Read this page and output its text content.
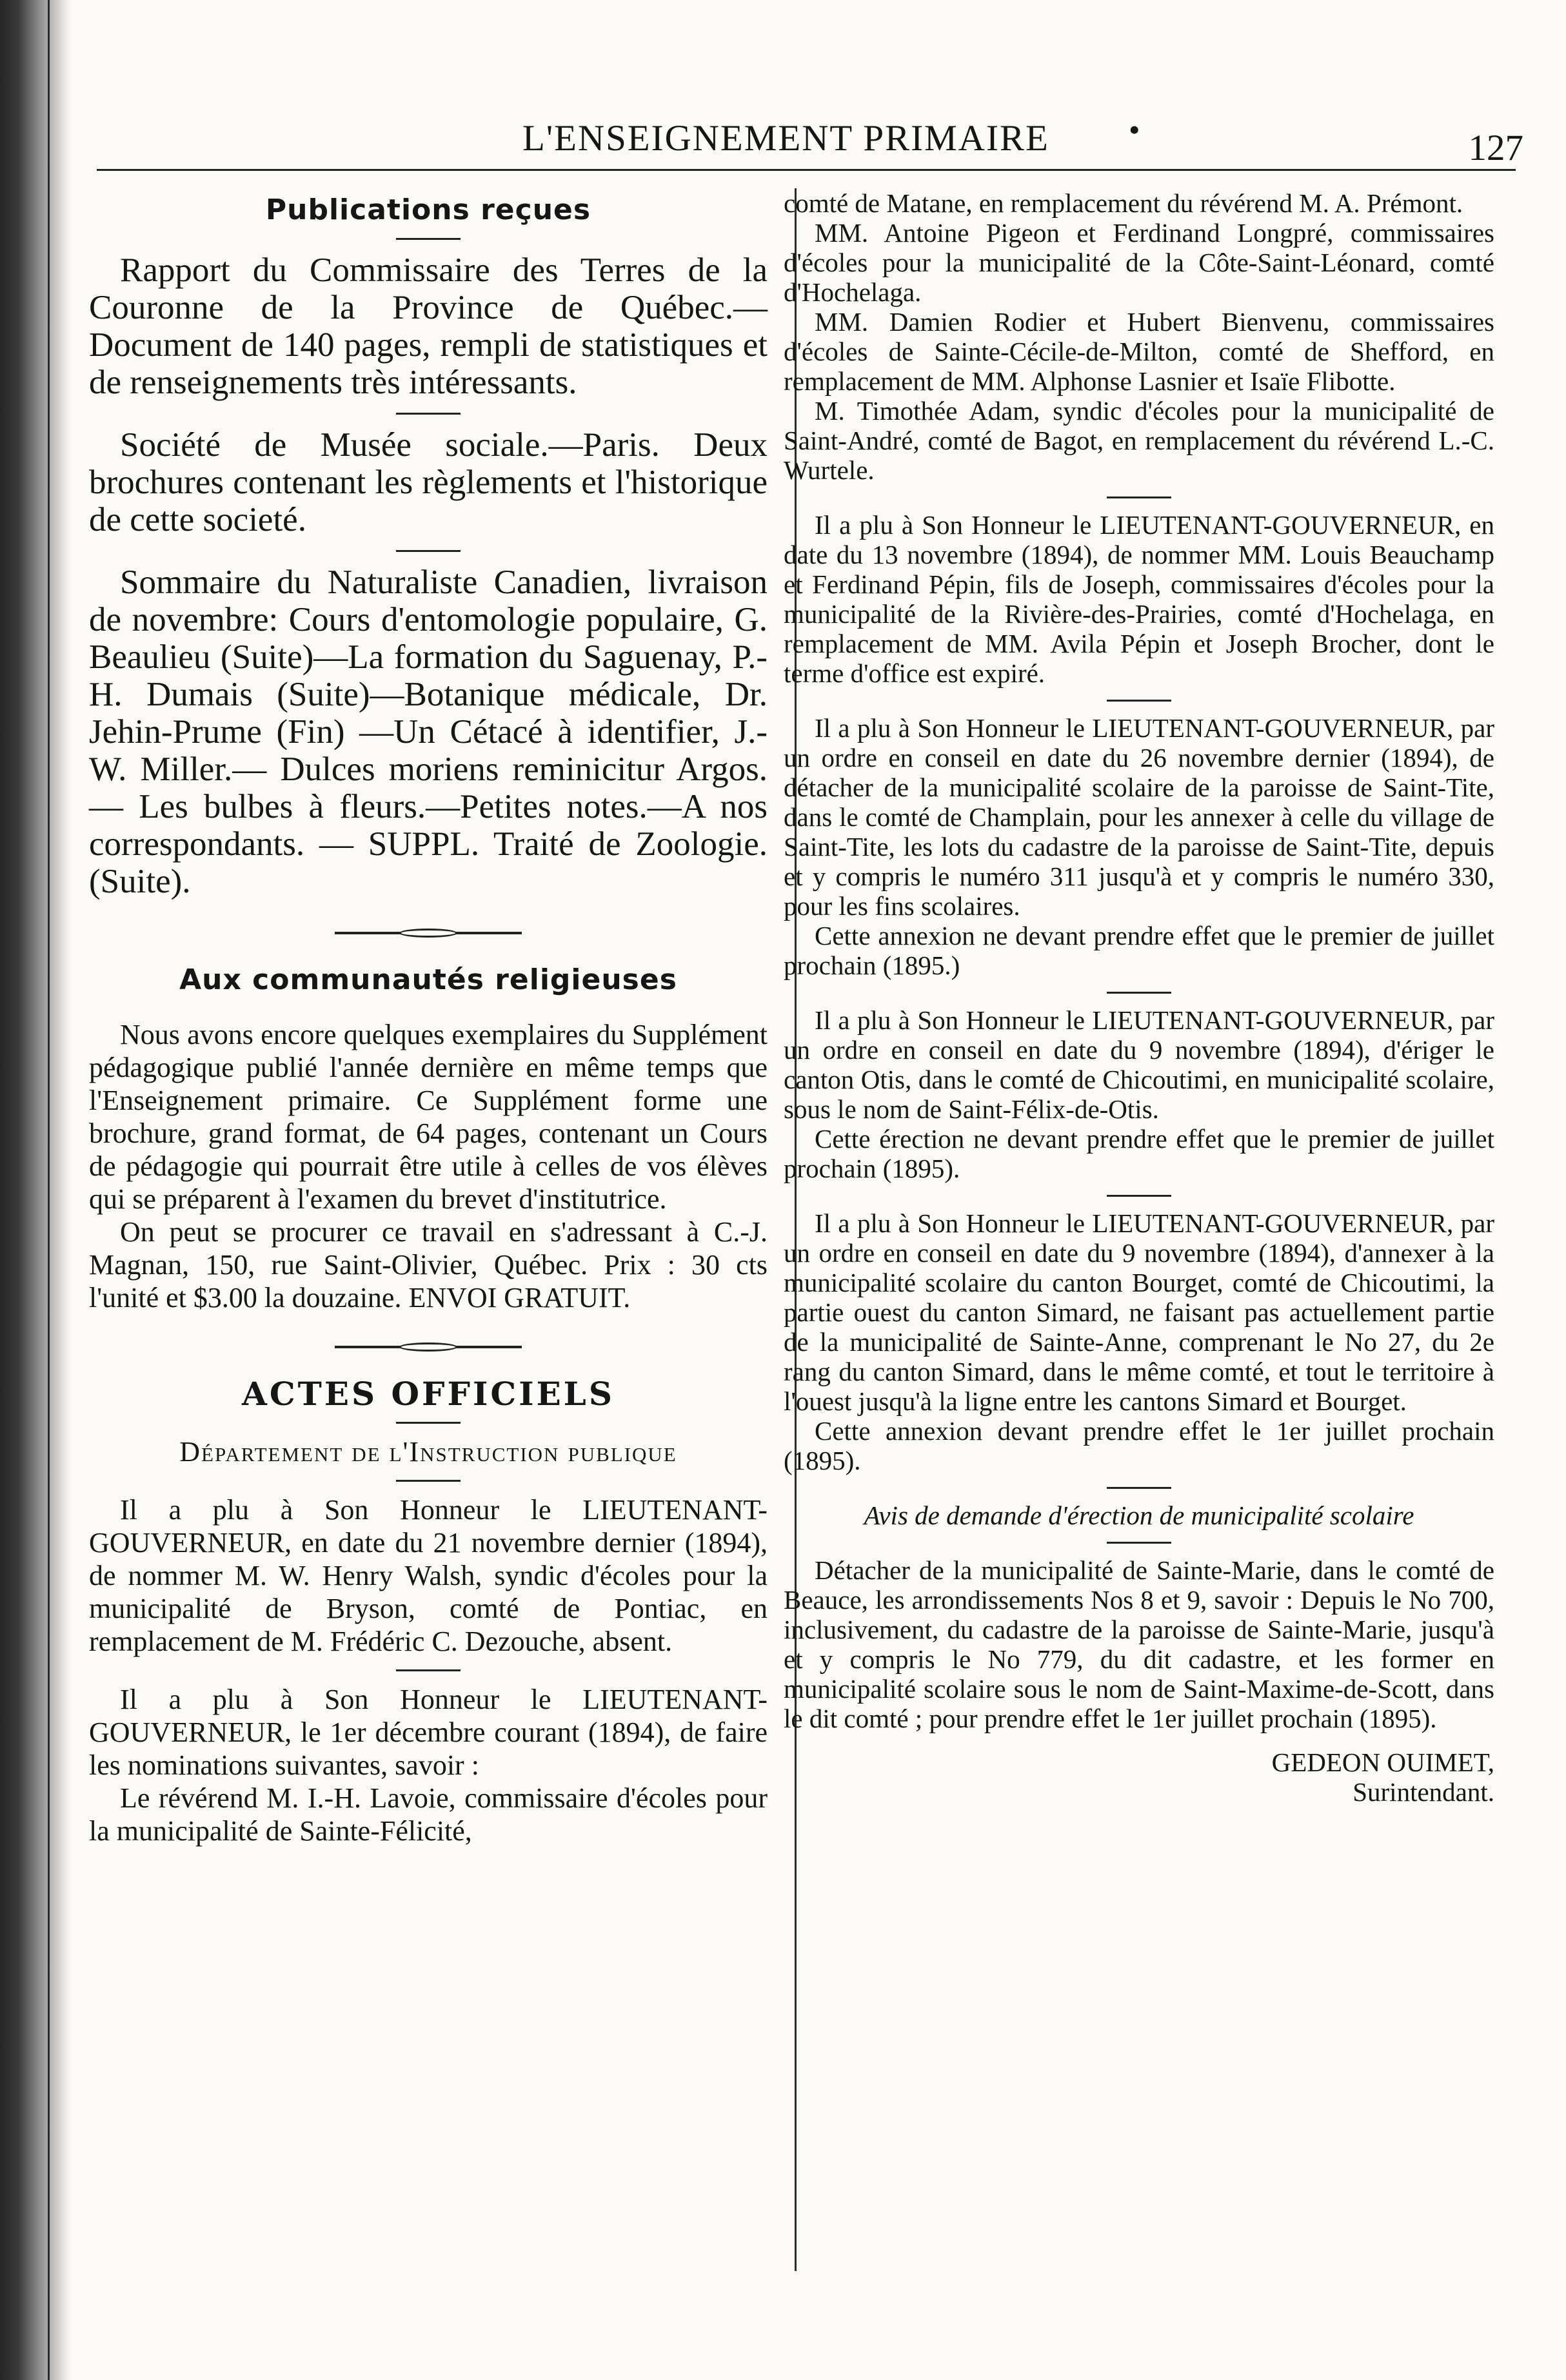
L'ENSEIGNEMENT PRIMAIRE •	127

Publications reçues

Rapport du Commissaire des Terres de la Couronne de la Province de Québec.— Document de 140 pages, rempli de statistiques et de renseignements très intéressants.

Société de Musée sociale.—Paris. Deux brochures contenant les règlements et l'historique de cette societé.

Sommaire du Naturaliste Canadien, livraison de novembre: Cours d'entomologie populaire, G. Beaulieu (Suite)—La formation du Saguenay, P.-H. Dumais (Suite)—Botanique médicale, Dr. Jehin-Prume (Fin) —Un Cétacé à identifier, J.-W. Miller.— Dulces moriens reminicitur Argos. — Les bulbes à fleurs.—Petites notes.—A nos correspondants. — SUPPL. Traité de Zoologie. (Suite).

Aux communautés religieuses

Nous avons encore quelques exemplaires du Supplément pédagogique publié l'année dernière en même temps que l'Enseignement primaire. Ce Supplément forme une brochure, grand format, de 64 pages, contenant un Cours de pédagogie qui pourrait être utile à celles de vos élèves qui se préparent à l'examen du brevet d'institutrice.

On peut se procurer ce travail en s'adressant à C.-J. Magnan, 150, rue Saint-Olivier, Québec. Prix : 30 cts l'unité et $3.00 la douzaine. ENVOI GRATUIT.

ACTES OFFICIELS

Département de l'Instruction publique

Il a plu à Son Honneur le LIEUTENANT-GOUVERNEUR, en date du 21 novembre dernier (1894), de nommer M. W. Henry Walsh, syndic d'écoles pour la municipalité de Bryson, comté de Pontiac, en remplacement de M. Frédéric C. Dezouche, absent.

Il a plu à Son Honneur le LIEUTENANT-GOUVERNEUR, le 1er décembre courant (1894), de faire les nominations suivantes, savoir :

Le révérend M. I.-H. Lavoie, commissaire d'écoles pour la municipalité de Sainte-Félicité,

comté de Matane, en remplacement du révérend M. A. Prémont.

MM. Antoine Pigeon et Ferdinand Longpré, commissaires d'écoles pour la municipalité de la Côte-Saint-Léonard, comté d'Hochelaga.

MM. Damien Rodier et Hubert Bienvenu, commissaires d'écoles de Sainte-Cécile-de-Milton, comté de Shefford, en remplacement de MM. Alphonse Lasnier et Isaïe Flibotte.

M. Timothée Adam, syndic d'écoles pour la municipalité de Saint-André, comté de Bagot, en remplacement du révérend L.-C. Wurtele.

Il a plu à Son Honneur le LIEUTENANT-GOUVERNEUR, en date du 13 novembre (1894), de nommer MM. Louis Beauchamp et Ferdinand Pépin, fils de Joseph, commissaires d'écoles pour la municipalité de la Rivière-des-Prairies, comté d'Hochelaga, en remplacement de MM. Avila Pépin et Joseph Brocher, dont le terme d'office est expiré.

Il a plu à Son Honneur le LIEUTENANT-GOUVERNEUR, par un ordre en conseil en date du 26 novembre dernier (1894), de détacher de la municipalité scolaire de la paroisse de Saint-Tite, dans le comté de Champlain, pour les annexer à celle du village de Saint-Tite, les lots du cadastre de la paroisse de Saint-Tite, depuis et y compris le numéro 311 jusqu'à et y compris le numéro 330, pour les fins scolaires.

Cette annexion ne devant prendre effet que le premier de juillet prochain (1895.)

Il a plu à Son Honneur le LIEUTENANT-GOUVERNEUR, par un ordre en conseil en date du 9 novembre (1894), d'ériger le canton Otis, dans le comté de Chicoutimi, en municipalité scolaire, sous le nom de Saint-Félix-de-Otis.

Cette érection ne devant prendre effet que le premier de juillet prochain (1895).

Il a plu à Son Honneur le LIEUTENANT-GOUVERNEUR, par un ordre en conseil en date du 9 novembre (1894), d'annexer à la municipalité scolaire du canton Bourget, comté de Chicoutimi, la partie ouest du canton Simard, ne faisant pas actuellement partie de la municipalité de Sainte-Anne, comprenant le No 27, du 2e rang du canton Simard, dans le même comté, et tout le territoire à l'ouest jusqu'à la ligne entre les cantons Simard et Bourget.

Cette annexion devant prendre effet le 1er juillet prochain (1895).

Avis de demande d'érection de municipalité scolaire

Détacher de la municipalité de Sainte-Marie, dans le comté de Beauce, les arrondissements Nos 8 et 9, savoir : Depuis le No 700, inclusivement, du cadastre de la paroisse de Sainte-Marie, jusqu'à et y compris le No 779, du dit cadastre, et les former en municipalité scolaire sous le nom de Saint-Maxime-de-Scott, dans le dit comté ; pour prendre effet le 1er juillet prochain (1895).

GEDEON OUIMET,

Surintendant.
